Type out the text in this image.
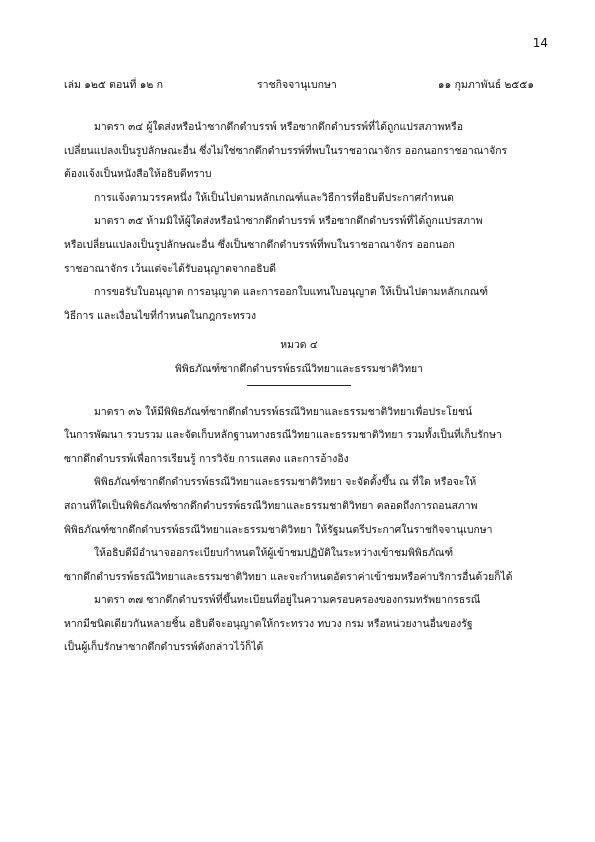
14
เล่ม ๑๒๕ ตอนที่ ๑๒ ก	ราชกิจจานุเบกษา	๑๑ กุมภาพันธ์ ๒๕๕๑
มาตรา ๓๔ ผู้ใดส่งหรือนำซากดึกดำบรรพ์ หรือซากดึกดำบรรพ์ที่ได้ถูกแปรสภาพหรือ
เปลี่ยนแปลงเป็นรูปลักษณะอื่น ซึ่งไม่ใช่ซากดึกดำบรรพ์ที่พบในราชอาณาจักร ออกนอกราชอาณาจักร
ต้องแจ้งเป็นหนังสือให้อธิบดีทราบ
การแจ้งตามวรรคหนึ่ง ให้เป็นไปตามหลักเกณฑ์และวิธีการที่อธิบดีประกาศกำหนด
มาตรา ๓๕ ห้ามมิให้ผู้ใดส่งหรือนำซากดึกดำบรรพ์ หรือซากดึกดำบรรพ์ที่ได้ถูกแปรสภาพ
หรือเปลี่ยนแปลงเป็นรูปลักษณะอื่น ซึ่งเป็นซากดึกดำบรรพ์ที่พบในราชอาณาจักร ออกนอก
ราชอาณาจักร เว้นแต่จะได้รับอนุญาตจากอธิบดี
การขอรับใบอนุญาต การอนุญาต และการออกใบแทนใบอนุญาต ให้เป็นไปตามหลักเกณฑ์
วิธีการ และเงื่อนไขที่กำหนดในกฎกระทรวง
หมวด ๔
พิพิธภัณฑ์ซากดึกดำบรรพ์ธรณีวิทยาและธรรมชาติวิทยา
มาตรา ๓๖ ให้มีพิพิธภัณฑ์ซากดึกดำบรรพ์ธรณีวิทยาและธรรมชาติวิทยาเพื่อประโยชน์
ในการพัฒนา รวบรวม และจัดเก็บหลักฐานทางธรณีวิทยาและธรรมชาติวิทยา รวมทั้งเป็นที่เก็บรักษา
ซากดึกดำบรรพ์เพื่อการเรียนรู้ การวิจัย การแสดง และการอ้างอิง
พิพิธภัณฑ์ซากดึกดำบรรพ์ธรณีวิทยาและธรรมชาติวิทยา จะจัดตั้งขึ้น ณ ที่ใด หรือจะให้
สถานที่ใดเป็นพิพิธภัณฑ์ซากดึกดำบรรพ์ธรณีวิทยาและธรรมชาติวิทยา ตลอดถึงการถอนสภาพ
พิพิธภัณฑ์ซากดึกดำบรรพ์ธรณีวิทยาและธรรมชาติวิทยา ให้รัฐมนตรีประกาศในราชกิจจานุเบกษา
ให้อธิบดีมีอำนาจออกระเบียบกำหนดให้ผู้เข้าชมปฏิบัติในระหว่างเข้าชมพิพิธภัณฑ์
ซากดึกดำบรรพ์ธรณีวิทยาและธรรมชาติวิทยา และจะกำหนดอัตราค่าเข้าชมหรือค่าบริการอื่นด้วยก็ได้
มาตรา ๓๗ ซากดึกดำบรรพ์ที่ขึ้นทะเบียนที่อยู่ในความครอบครองของกรมทรัพยากรธรณี
หากมีชนิดเดียวกันหลายชิ้น อธิบดีจะอนุญาตให้กระทรวง ทบวง กรม หรือหน่วยงานอื่นของรัฐ
เป็นผู้เก็บรักษาซากดึกดำบรรพ์ดังกล่าวไว้ก็ได้
